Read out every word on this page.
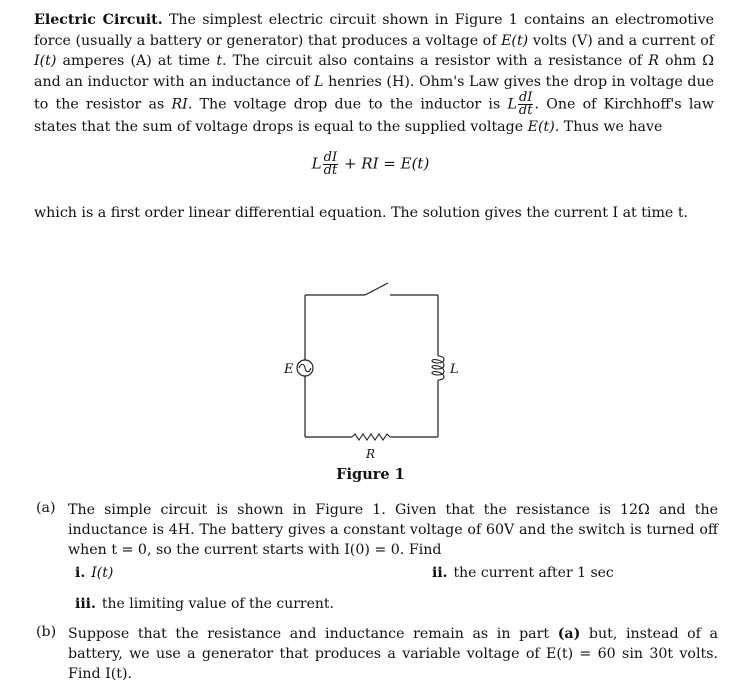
Electric Circuit. The simplest electric circuit shown in Figure 1 contains an electromotive force (usually a battery or generator) that produces a voltage of E(t) volts (V) and a current of I(t) amperes (A) at time t. The circuit also contains a resistor with a resistance of R ohm Ω and an inductor with an inductance of L henries (H). Ohm's Law gives the drop in voltage due to the resistor as RI. The voltage drop due to the inductor is L $\frac{dI}{dt}$ . One of Kirchhoff's law states that the sum of voltage drops is equal to the supplied voltage E(t). Thus we have

L $\frac{dI}{dt}$ + RI = E(t)
which is a first order linear differential equation. The solution gives the current I at time t.
E	L
R
Figure 1
(a) The simple circuit is shown in Figure 1. Given that the resistance is 12Ω and the inductance is 4H. The battery gives a constant voltage of 60V and the switch is turned off when t = 0, so the current starts with I(0) = 0. Find
i. I(t)	ii. the current after 1 sec
iii. the limiting value of the current.
(b) Suppose that the resistance and inductance remain as in part (a) but, instead of a battery, we use a generator that produces a variable voltage of E(t) = 60 sin 30t volts. Find I(t).
